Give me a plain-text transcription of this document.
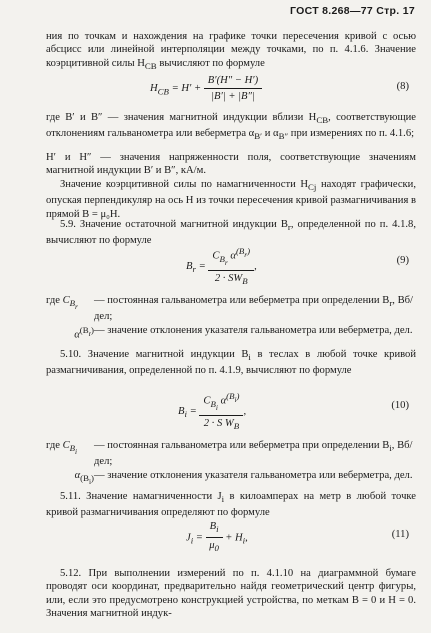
ГОСТ 8.268—77 Стр. 17
ния по точкам и нахождения на графике точки пересечения кривой с осью абсцисс или линейной интерполяции между точками, по п. 4.1.6. Значение коэрцитивной силы $H_{CB}$ вычисляют по формуле
$H_{CB} = H' + \frac{B'(H'' - H')}{|B'| + |B''|}$	(8)
где B′ и B″ — значения магнитной индукции вблизи $H_{CB}$, соответствующие отклонениям гальванометра или веберметра $\alpha_{B'}$ и $\alpha_{B''}$ при измерениях по п. 4.1.6;
H′ и H″ — значения напряженности поля, соответствующие значениям магнитной индукции B′ и B″, кА/м.
Значение коэрцитивной силы по намагниченности $H_{Cj}$ находят графически, опуская перпендикуляр на ось H из точки пересечения кривой размагничивания в прямой B = μ₀H.
5.9. Значение остаточной магнитной индукции $B_r$, определенной по п. 4.1.8, вычисляют по формуле
$B_r = \frac{C_{B_r} \alpha^{(B_r)}}{2 \cdot SW_B}$ ,
(9)
где $C_{B_r}—$ постоянная гальванометра или веберметра при определении $B_r$, Вб/дел;
$\alpha^{(B_r)}—$ значение отклонения указателя гальванометра или веберметра, дел.
5.10. Значение магнитной индукции $B_i$ в теслах в любой точке кривой размагничивания, определенной по п. 4.1.9, вычисляют по формуле
$B_i = \frac{C_{B_i} \alpha^{(B_i)}}{2 \cdot S W_B}$ ,
(10)
где $C_{B_i}—$ постоянная гальванометра или веберметра при определении $B_i$, Вб/дел;
$\alpha_{(B_i)}—$ значение отклонения указателя гальванометра или веберметра, дел.
5.11. Значение намагниченности $J_i$ в килоамперах на метр в любой точке кривой размагничивания определяют по формуле
$J_i = \frac{B_i}{\mu_0} + H_i$,	(11)
5.12. При выполнении измерений по п. 4.1.10 на диаграммной бумаге проводят оси координат, предварительно найдя геометрический центр фигуры, или, если это предусмотрено конструкцией устройства, по меткам B = 0 и H = 0. Значения магнитной индук-
